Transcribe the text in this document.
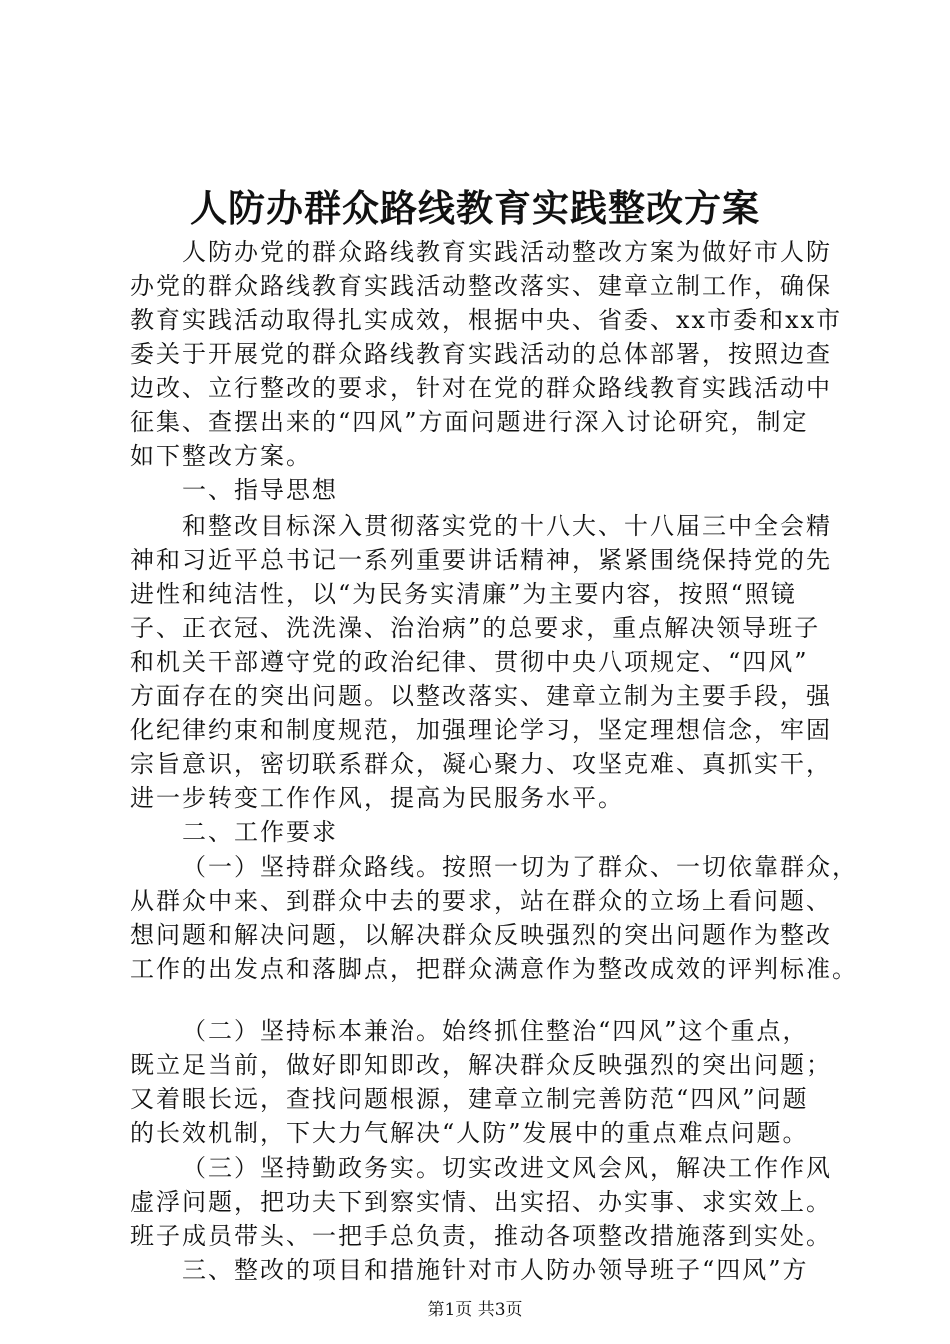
人防办群众路线教育实践整改方案
人防办党的群众路线教育实践活动整改方案为做好市人防
办党的群众路线教育实践活动整改落实、建章立制工作，确保
教育实践活动取得扎实成效，根据中央、省委、xx市委和xx市
委关于开展党的群众路线教育实践活动的总体部署，按照边查
边改、立行整改的要求，针对在党的群众路线教育实践活动中
征集、查摆出来的“四风”方面问题进行深入讨论研究，制定
如下整改方案。
一、指导思想
和整改目标深入贯彻落实党的十八大、十八届三中全会精
神和习近平总书记一系列重要讲话精神，紧紧围绕保持党的先
进性和纯洁性，以“为民务实清廉”为主要内容，按照“照镜
子、正衣冠、洗洗澡、治治病”的总要求，重点解决领导班子
和机关干部遵守党的政治纪律、贯彻中央八项规定、“四风”
方面存在的突出问题。以整改落实、建章立制为主要手段，强
化纪律约束和制度规范，加强理论学习，坚定理想信念，牢固
宗旨意识，密切联系群众，凝心聚力、攻坚克难、真抓实干，
进一步转变工作作风，提高为民服务水平。
二、工作要求
（一）坚持群众路线。按照一切为了群众、一切依靠群众，
从群众中来、到群众中去的要求，站在群众的立场上看问题、
想问题和解决问题，以解决群众反映强烈的突出问题作为整改
工作的出发点和落脚点，把群众满意作为整改成效的评判标准。
（二）坚持标本兼治。始终抓住整治“四风”这个重点，
既立足当前，做好即知即改，解决群众反映强烈的突出问题；
又着眼长远，查找问题根源，建章立制完善防范“四风”问题
的长效机制，下大力气解决“人防”发展中的重点难点问题。
（三）坚持勤政务实。切实改进文风会风，解决工作作风
虚浮问题，把功夫下到察实情、出实招、办实事、求实效上。
班子成员带头、一把手总负责，推动各项整改措施落到实处。
三、整改的项目和措施针对市人防办领导班子“四风”方
第1页 共3页
